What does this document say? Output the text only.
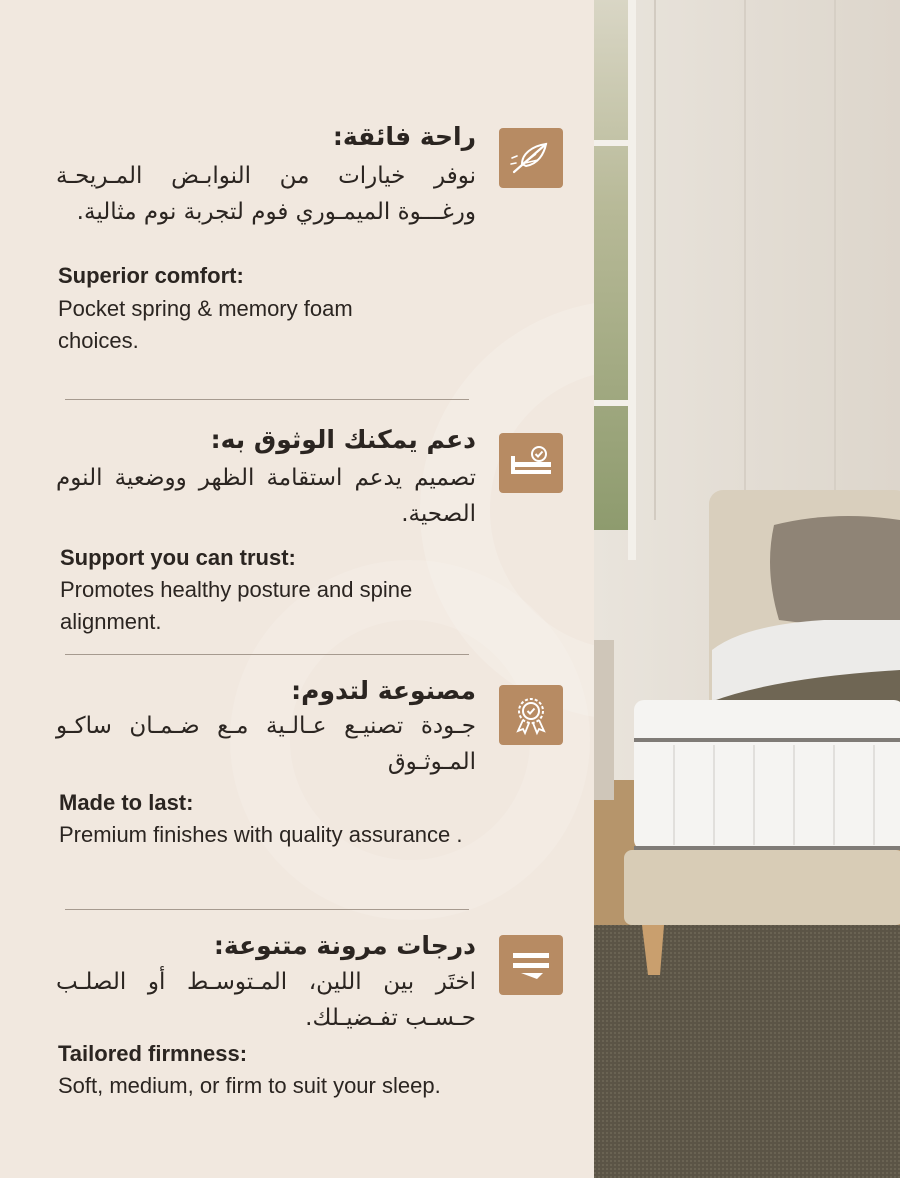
راحة فائقة:
نوفر خيارات من النوابـض المـريحـة ورغـــوة الميمـوري فوم لتجربة نوم مثالية.
Superior comfort:
Pocket spring & memory foam choices.
دعم يمكنك الوثوق به:
تصميم يدعم استقامة الظهر ووضعية النوم الصحية.
Support you can trust:
Promotes healthy posture and spine alignment.
مصنوعة لتدوم:
جـودة تصنيـع عـالـية مـع ضـمـان ساكـو المـوثـوق
Made to last:
Premium finishes with quality assurance .
درجات مرونة متنوعة:
اختَر بين اللين، المـتوسـط أو الصلـب حـسـب تفـضيـلك.
Tailored firmness:
Soft, medium, or firm to suit your sleep.
